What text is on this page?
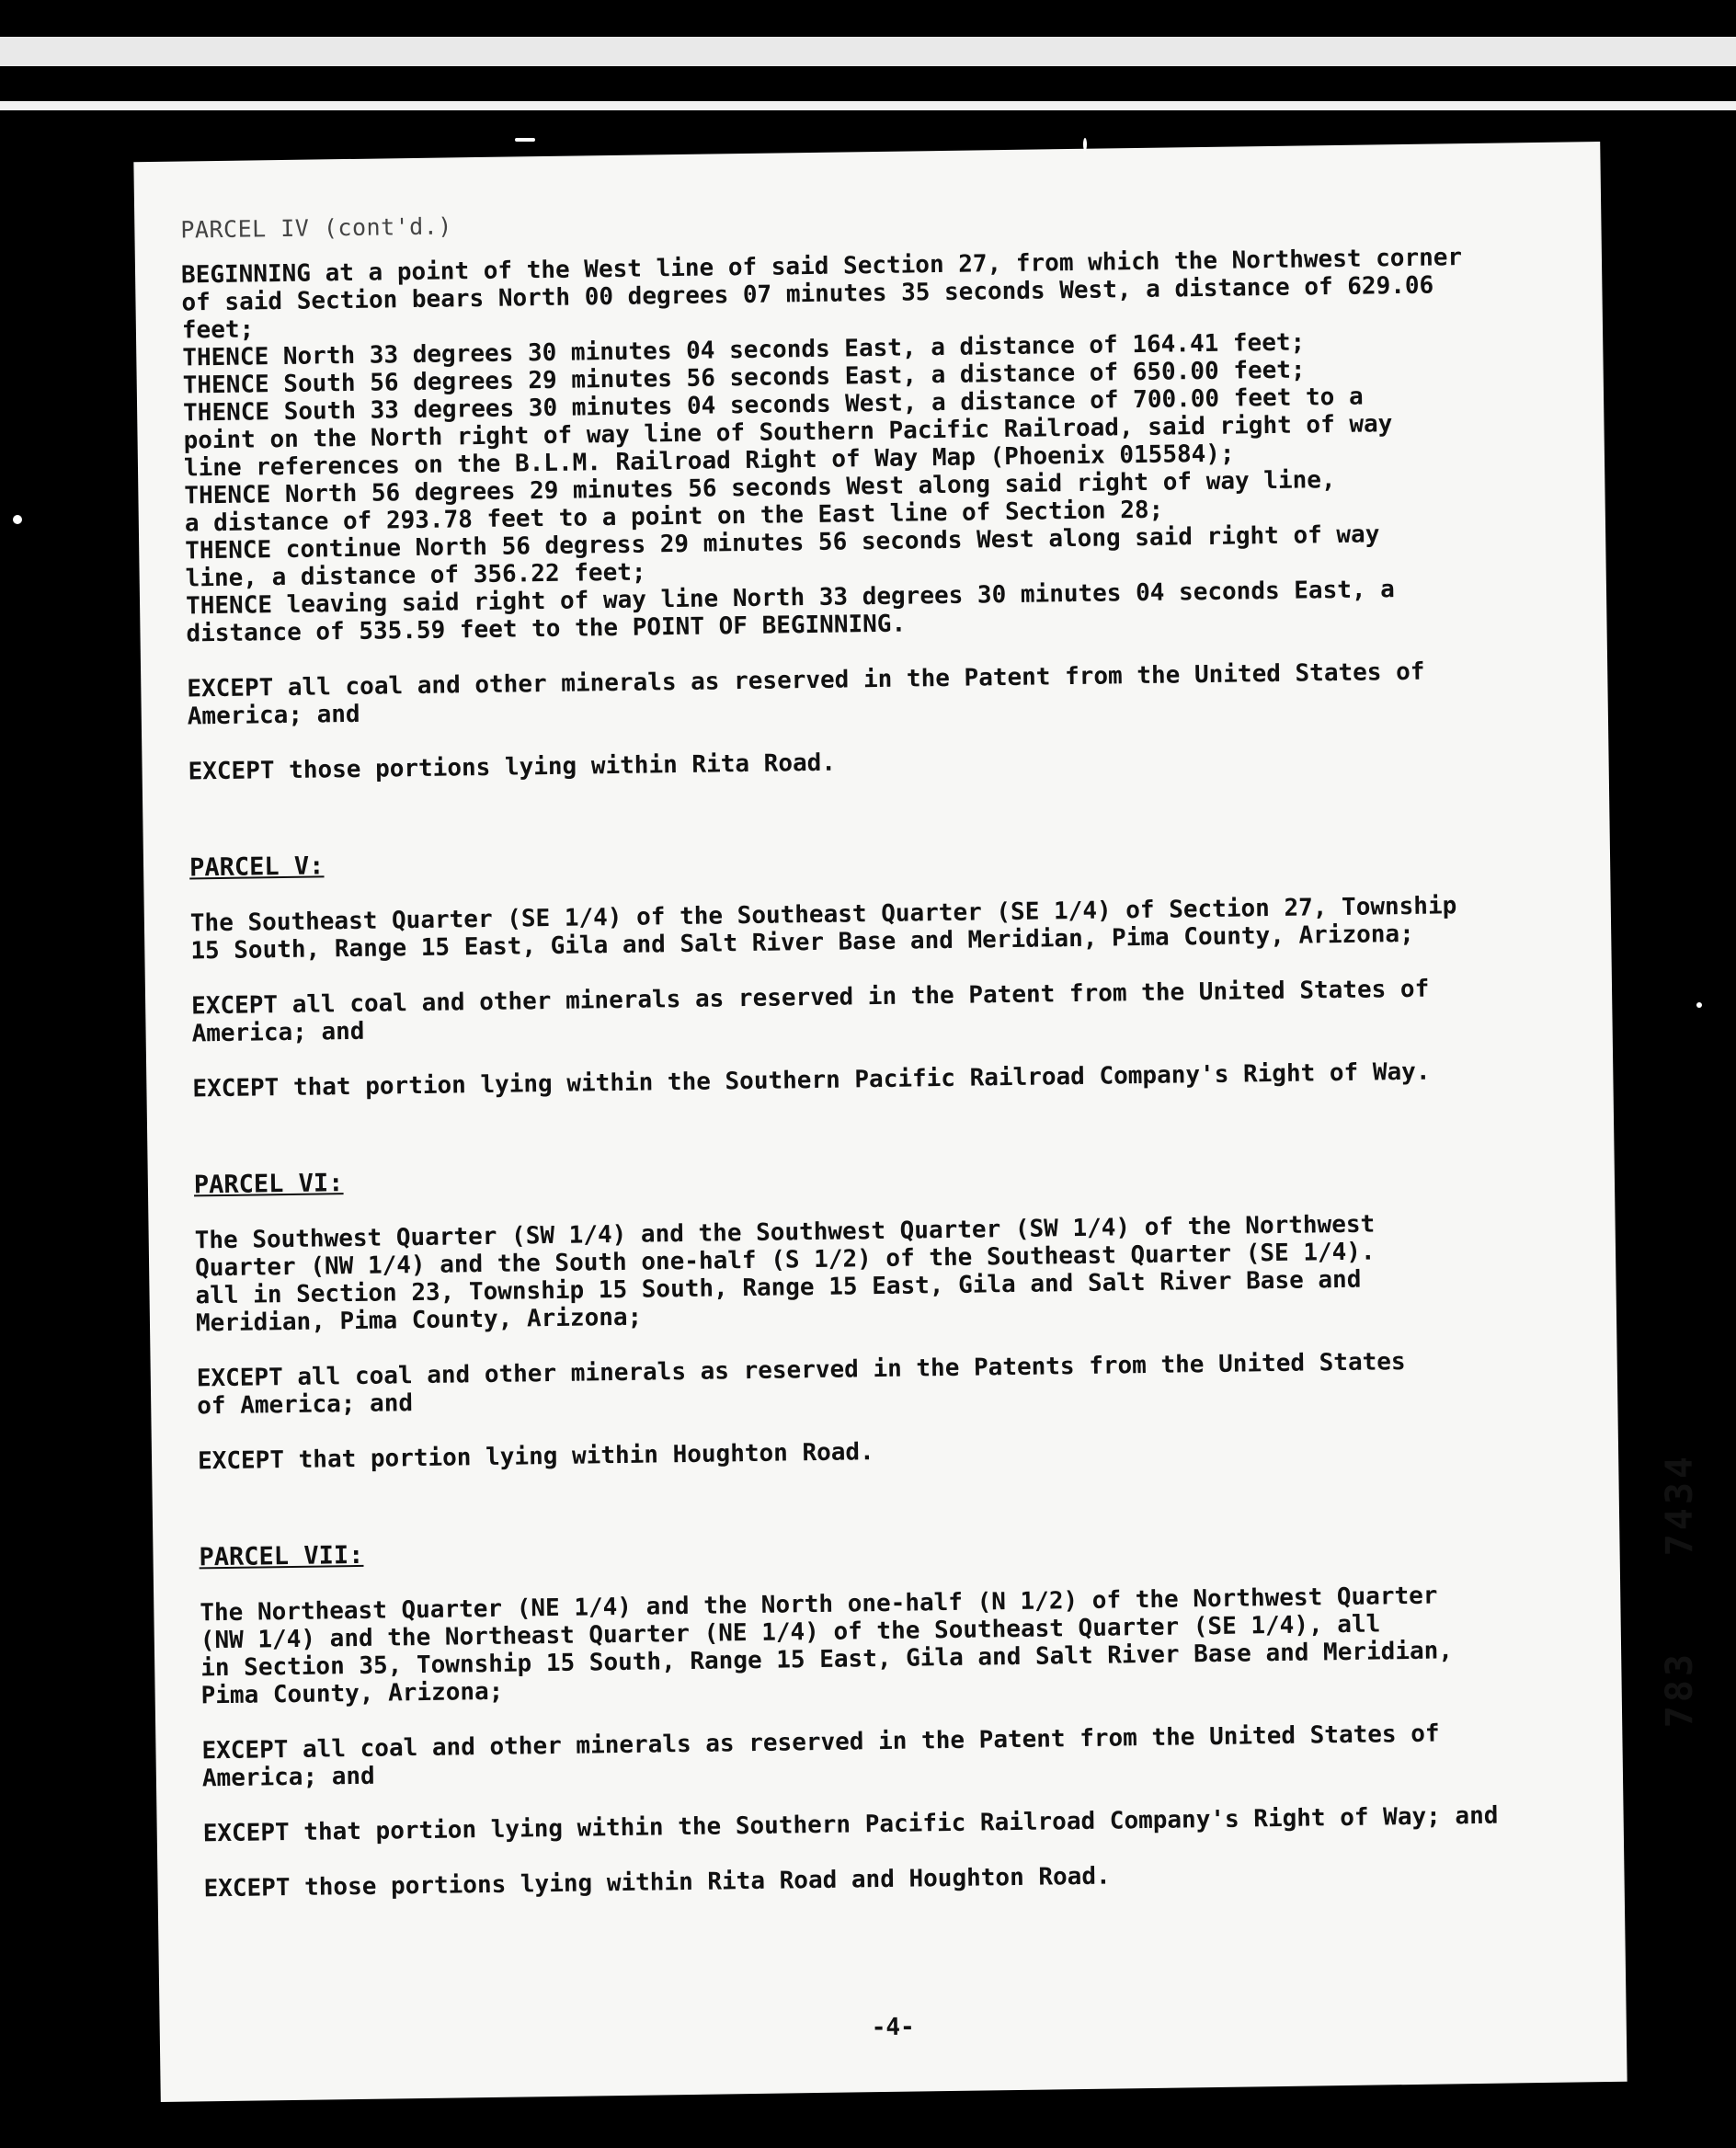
PARCEL IV (cont'd.)

BEGINNING at a point of the West line of said Section 27, from which the Northwest corner
of said Section bears North 00 degrees 07 minutes 35 seconds West, a distance of 629.06
feet;
THENCE North 33 degrees 30 minutes 04 seconds East, a distance of 164.41 feet;
THENCE South 56 degrees 29 minutes 56 seconds East, a distance of 650.00 feet;
THENCE South 33 degrees 30 minutes 04 seconds West, a distance of 700.00 feet to a
point on the North right of way line of Southern Pacific Railroad, said right of way
line references on the B.L.M. Railroad Right of Way Map (Phoenix 015584);
THENCE North 56 degrees 29 minutes 56 seconds West along said right of way line,
a distance of 293.78 feet to a point on the East line of Section 28;
THENCE continue North 56 degress 29 minutes 56 seconds West along said right of way
line, a distance of 356.22 feet;
THENCE leaving said right of way line North 33 degrees 30 minutes 04 seconds East, a
distance of 535.59 feet to the POINT OF BEGINNING.

EXCEPT all coal and other minerals as reserved in the Patent from the United States of
America; and

EXCEPT those portions lying within Rita Road.

PARCEL V:

The Southeast Quarter (SE 1/4) of the Southeast Quarter (SE 1/4) of Section 27, Township
15 South, Range 15 East, Gila and Salt River Base and Meridian, Pima County, Arizona;

EXCEPT all coal and other minerals as reserved in the Patent from the United States of
America; and

EXCEPT that portion lying within the Southern Pacific Railroad Company's Right of Way.

PARCEL VI:

The Southwest Quarter (SW 1/4) and the Southwest Quarter (SW 1/4) of the Northwest
Quarter (NW 1/4) and the South one-half (S 1/2) of the Southeast Quarter (SE 1/4).
all in Section 23, Township 15 South, Range 15 East, Gila and Salt River Base and
Meridian, Pima County, Arizona;

EXCEPT all coal and other minerals as reserved in the Patents from the United States
of America; and

EXCEPT that portion lying within Houghton Road.

PARCEL VII:

The Northeast Quarter (NE 1/4) and the North one-half (N 1/2) of the Northwest Quarter
(NW 1/4) and the Northeast Quarter (NE 1/4) of the Southeast Quarter (SE 1/4), all
in Section 35, Township 15 South, Range 15 East, Gila and Salt River Base and Meridian,
Pima County, Arizona;

EXCEPT all coal and other minerals as reserved in the Patent from the United States of
America; and

EXCEPT that portion lying within the Southern Pacific Railroad Company's Right of Way; and

EXCEPT those portions lying within Rita Road and Houghton Road.

-4-
7434
783
